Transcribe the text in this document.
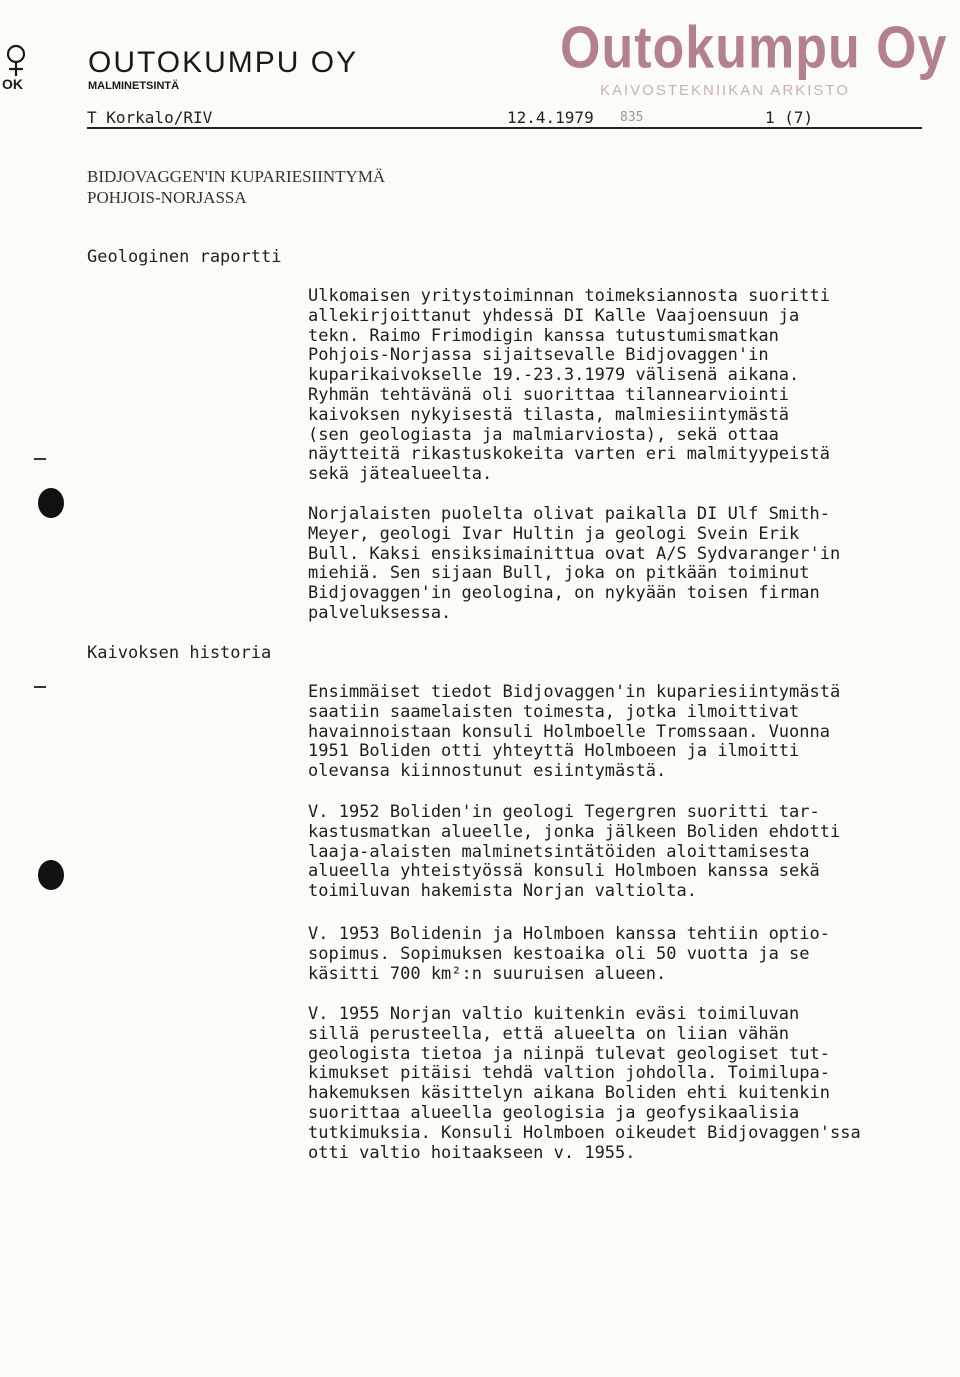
OK
OUTOKUMPU OY
MALMINETSINTÄ
Outokumpu Oy
KAIVOSTEKNIIKAN ARKISTO
T Korkalo/RIV	12.4.1979 835	1 (7)
BIDJOVAGGEN'IN KUPARIESIINTYMÄ
POHJOIS-NORJASSA
Geologinen raportti
Kaivoksen historia
Ulkomaisen yritystoiminnan toimeksiannosta suoritti
allekirjoittanut yhdessä DI Kalle Vaajoensuun ja
tekn. Raimo Frimodigin kanssa tutustumismatkan
Pohjois-Norjassa sijaitsevalle Bidjovaggen'in
kuparikaivokselle 19.-23.3.1979 välisenä aikana.
Ryhmän tehtävänä oli suorittaa tilannearviointi
kaivoksen nykyisestä tilasta, malmiesiintymästä
(sen geologiasta ja malmiarviosta), sekä ottaa
näytteitä rikastuskokeita varten eri malmityypeistä
sekä jätealueelta.
Norjalaisten puolelta olivat paikalla DI Ulf Smith-
Meyer, geologi Ivar Hultin ja geologi Svein Erik
Bull. Kaksi ensiksimainittua ovat A/S Sydvaranger'in
miehiä. Sen sijaan Bull, joka on pitkään toiminut
Bidjovaggen'in geologina, on nykyään toisen firman
palveluksessa.
Ensimmäiset tiedot Bidjovaggen'in kupariesiintymästä
saatiin saamelaisten toimesta, jotka ilmoittivat
havainnoistaan konsuli Holmboelle Tromssaan. Vuonna
1951 Boliden otti yhteyttä Holmboeen ja ilmoitti
olevansa kiinnostunut esiintymästä.
V. 1952 Boliden'in geologi Tegergren suoritti tar-
kastusmatkan alueelle, jonka jälkeen Boliden ehdotti
laaja-alaisten malminetsintätöiden aloittamisesta
alueella yhteistyössä konsuli Holmboen kanssa sekä
toimiluvan hakemista Norjan valtiolta.
V. 1953 Bolidenin ja Holmboen kanssa tehtiin optio-
sopimus. Sopimuksen kestoaika oli 50 vuotta ja se
käsitti 700 km²:n suuruisen alueen.
V. 1955 Norjan valtio kuitenkin eväsi toimiluvan
sillä perusteella, että alueelta on liian vähän
geologista tietoa ja niinpä tulevat geologiset tut-
kimukset pitäisi tehdä valtion johdolla. Toimilupa-
hakemuksen käsittelyn aikana Boliden ehti kuitenkin
suorittaa alueella geologisia ja geofysikaalisia
tutkimuksia. Konsuli Holmboen oikeudet Bidjovaggen'ssa
otti valtio hoitaakseen v. 1955.
